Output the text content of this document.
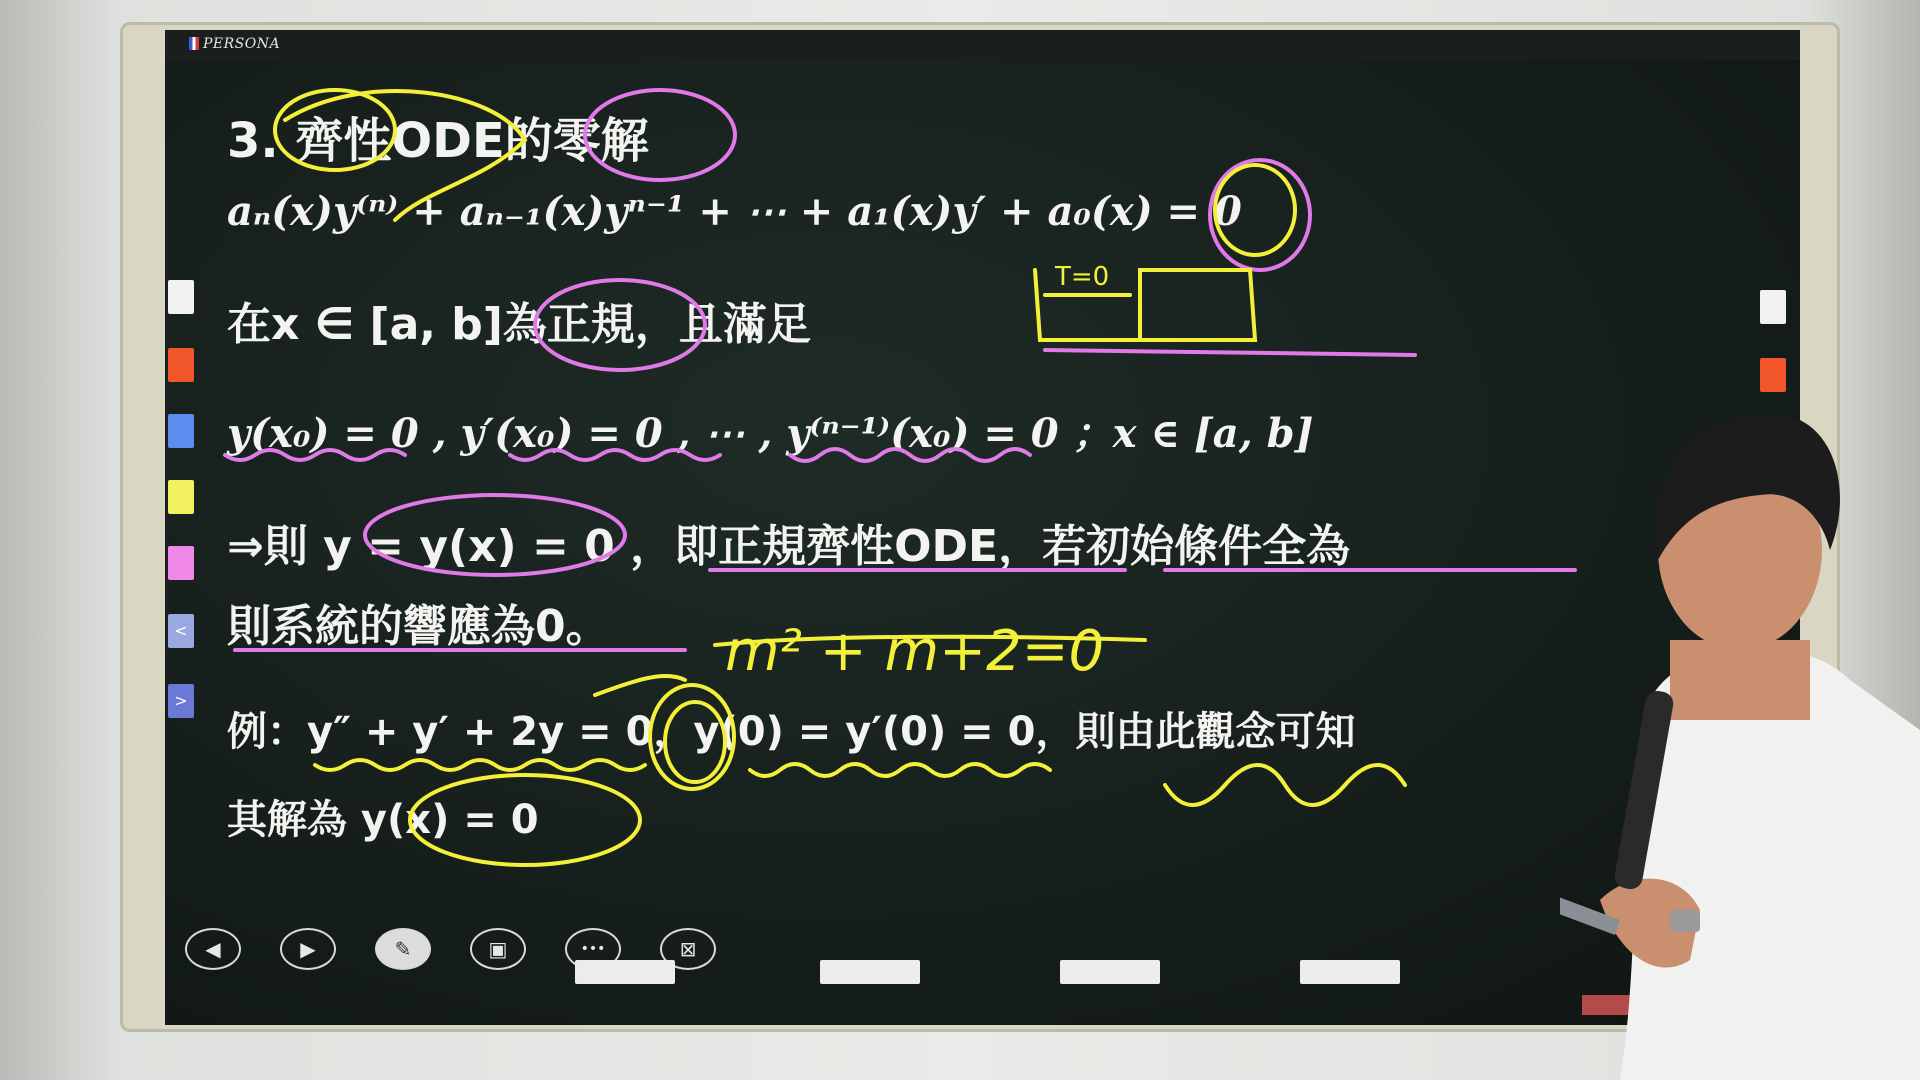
PERSONA
3. 齊性ODE的零解
aₙ(x)y⁽ⁿ⁾ + aₙ₋₁(x)yⁿ⁻¹ + ⋯ + a₁(x)y′ + a₀(x) = 0
在x ∈ [a, b]為正規，且滿足
y(x₀) = 0 , y′(x₀) = 0 , ⋯ , y⁽ⁿ⁻¹⁾(x₀) = 0 ；x ∈ [a, b]
⇒則 y = y(x) = 0 ，即正規齊性ODE，若初始條件全為
則系統的響應為0。
例：y″ + y′ + 2y = 0，y(0) = y′(0) = 0，則由此觀念可知
其解為 y(x) = 0
m² + m+2=0
T=0
◀	▶	✎	▣	•••	⊠
<
>
